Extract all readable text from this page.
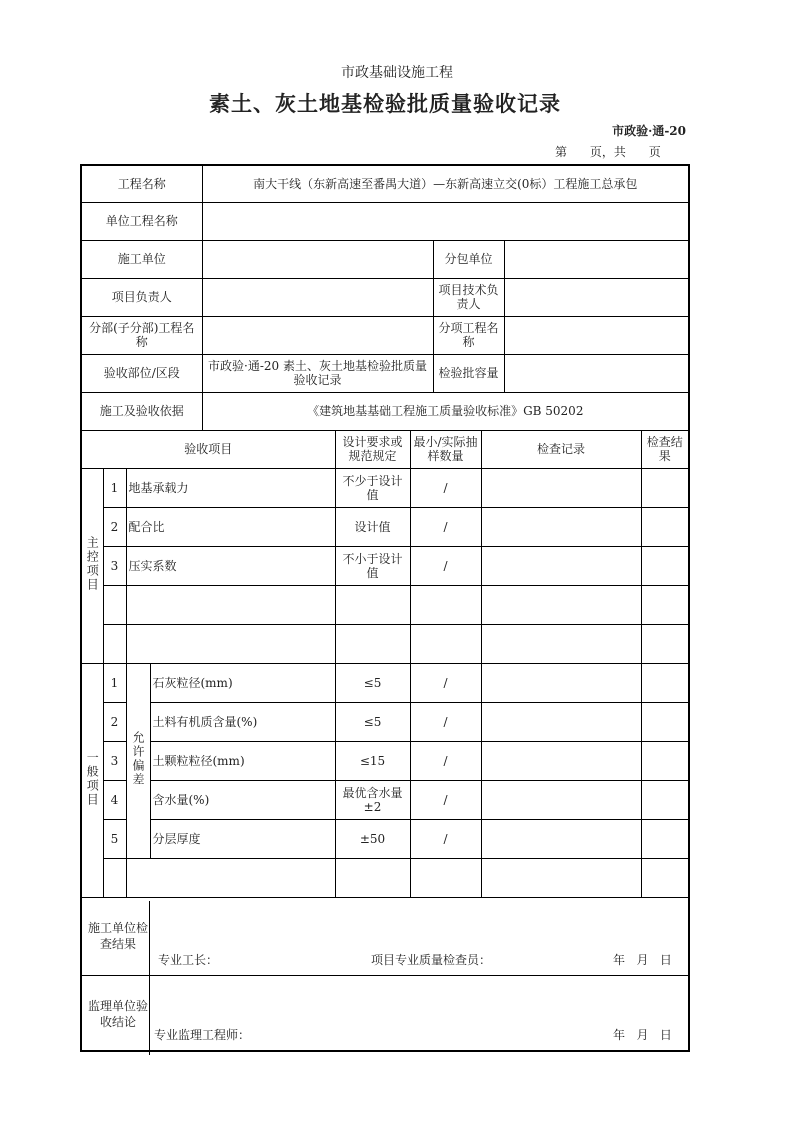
市政基础设施工程
素土、灰土地基检验批质量验收记录
市政验·通-20
第      页，共      页
工程名称				南大干线（东新高速至番禺大道）—东新高速立交(0标）工程施工总承包						
单位工程名称										
施工单位							分包单位			
项目负责人							项目技术负责人			
分部(子分部)工程名称							分项工程名称			
验收部位/区段				市政验·通-20 素土、灰土地基检验批质量验收记录			检验批容量			
施工及验收依据				《建筑地基基础工程施工质量验收标准》GB 50202						
验收项目					设计要求或规范规定	最小/实际抽样数量		检查记录		检查结果
主控项目	1	地基承载力			不少于设计值	/				
	2	配合比			设计值	/				
	3	压实系数			不小于设计值	/				

一般项目	1	允许偏差	石灰粒径(mm)		≤5	/				
	2		土料有机质含量(%)		≤5	/				
	3		土颗粒粒径(mm)		≤15	/				
	4		含水量(%)		最优含水量±2	/				
	5		分层厚度		±50	/				

施工单位检查结果
专业工长： 项目专业质量检查员： 年   月   日										

监理单位验收结论
专业监理工程师： 年   月   日										
